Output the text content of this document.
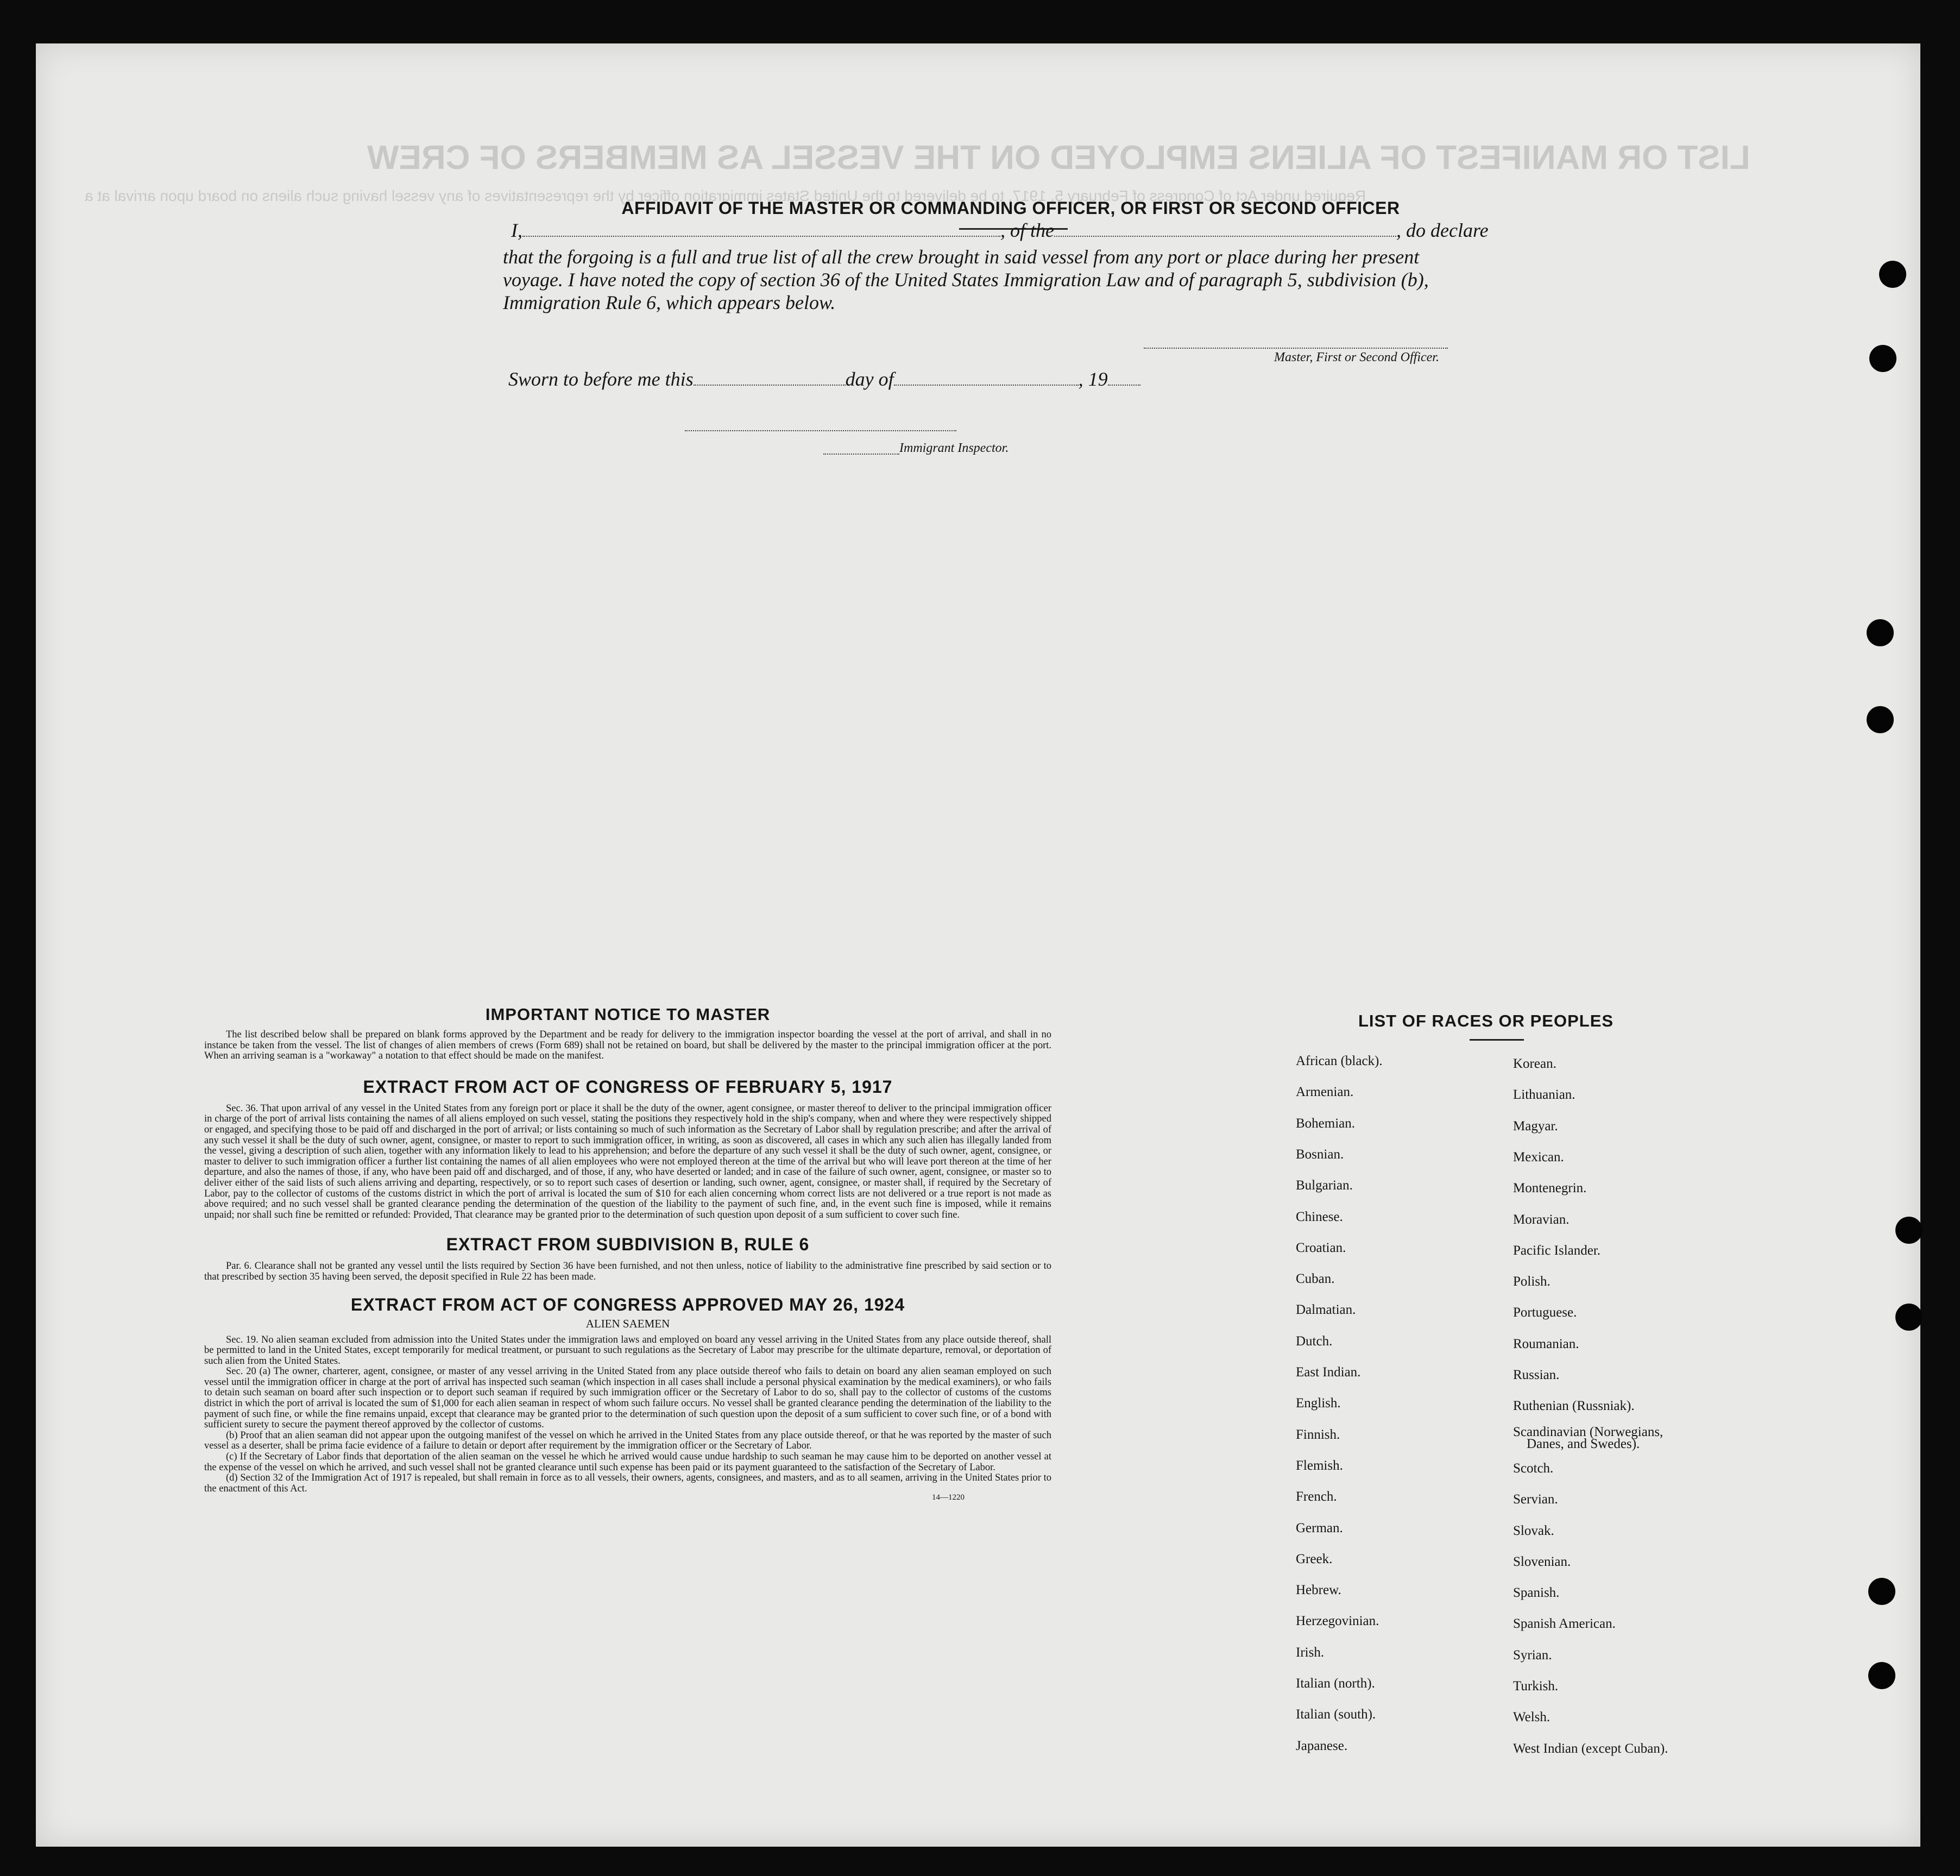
LIST OR MANIFEST OF ALIENS EMPLOYED ON THE VESSEL AS MEMBERS OF CREW
Required under Act of Congress of February 5, 1917, to be delivered to the United States immigration officer by the representatives of any vessel having such aliens on board upon arrival at a
AFFIDAVIT OF THE MASTER OR COMMANDING OFFICER, OR FIRST OR SECOND OFFICER
I,	, of the	, do declare
that the forgoing is a full and true list of all the crew brought in said vessel from any port or place during her present
voyage. I have noted the copy of section 36 of the United States Immigration Law and of paragraph 5, subdivision (b),
Immigration Rule 6, which appears below.
Master, First or Second Officer.
Sworn to before me this	day of	, 19
Immigrant Inspector.
IMPORTANT NOTICE TO MASTER
The list described below shall be prepared on blank forms approved by the Department and be ready for delivery to the immigration inspector boarding the vessel at the port of arrival, and shall in no instance be taken from the vessel. The list of changes of alien members of crews (Form 689) shall not be retained on board, but shall be delivered by the master to the principal immigration officer at the port. When an arriving seaman is a "workaway" a notation to that effect should be made on the manifest.
EXTRACT FROM ACT OF CONGRESS OF FEBRUARY 5, 1917
Sec. 36. That upon arrival of any vessel in the United States from any foreign port or place it shall be the duty of the owner, agent consignee, or master thereof to deliver to the principal immigration officer in charge of the port of arrival lists containing the names of all aliens employed on such vessel, stating the positions they respectively hold in the ship's company, when and where they were respectively shipped or engaged, and specifying those to be paid off and discharged in the port of arrival; or lists containing so much of such information as the Secretary of Labor shall by regulation prescribe; and after the arrival of any such vessel it shall be the duty of such owner, agent, consignee, or master to report to such immigration officer, in writing, as soon as discovered, all cases in which any such alien has illegally landed from the vessel, giving a description of such alien, together with any information likely to lead to his apprehension; and before the departure of any such vessel it shall be the duty of such owner, agent, consignee, or master to deliver to such immigration officer a further list containing the names of all alien employees who were not employed thereon at the time of the arrival but who will leave port thereon at the time of her departure, and also the names of those, if any, who have been paid off and discharged, and of those, if any, who have deserted or landed; and in case of the failure of such owner, agent, consignee, or master so to deliver either of the said lists of such aliens arriving and departing, respectively, or so to report such cases of desertion or landing, such owner, agent, consignee, or master shall, if required by the Secretary of Labor, pay to the collector of customs of the customs district in which the port of arrival is located the sum of $10 for each alien concerning whom correct lists are not delivered or a true report is not made as above required; and no such vessel shall be granted clearance pending the determination of the question of the liability to the payment of such fine, and, in the event such fine is imposed, while it remains unpaid; nor shall such fine be remitted or refunded: Provided, That clearance may be granted prior to the determination of such question upon deposit of a sum sufficient to cover such fine.
EXTRACT FROM SUBDIVISION B, RULE 6
Par. 6. Clearance shall not be granted any vessel until the lists required by Section 36 have been furnished, and not then unless, notice of liability to the administrative fine prescribed by said section or to that prescribed by section 35 having been served, the deposit specified in Rule 22 has been made.
EXTRACT FROM ACT OF CONGRESS APPROVED MAY 26, 1924
ALIEN SAEMEN
Sec. 19. No alien seaman excluded from admission into the United States under the immigration laws and employed on board any vessel arriving in the United States from any place outside thereof, shall be permitted to land in the United States, except temporarily for medical treatment, or pursuant to such regulations as the Secretary of Labor may prescribe for the ultimate departure, removal, or deportation of such alien from the United States.
Sec. 20 (a) The owner, charterer, agent, consignee, or master of any vessel arriving in the United Stated from any place outside thereof who fails to detain on board any alien seaman employed on such vessel until the immigration officer in charge at the port of arrival has inspected such seaman (which inspection in all cases shall include a personal physical examination by the medical examiners), or who fails to detain such seaman on board after such inspection or to deport such seaman if required by such immigration officer or the Secretary of Labor to do so, shall pay to the collector of customs of the customs district in which the port of arrival is located the sum of $1,000 for each alien seaman in respect of whom such failure occurs. No vessel shall be granted clearance pending the determination of the liability to the payment of such fine, or while the fine remains unpaid, except that clearance may be granted prior to the determination of such question upon the deposit of a sum sufficient to cover such fine, or of a bond with sufficient surety to secure the payment thereof approved by the collector of customs.
(b) Proof that an alien seaman did not appear upon the outgoing manifest of the vessel on which he arrived in the United States from any place outside thereof, or that he was reported by the master of such vessel as a deserter, shall be prima facie evidence of a failure to detain or deport after requirement by the immigration officer or the Secretary of Labor.
(c) If the Secretary of Labor finds that deportation of the alien seaman on the vessel he which he arrived would cause undue hardship to such seaman he may cause him to be deported on another vessel at the expense of the vessel on which he arrived, and such vessel shall not be granted clearance until such expense has been paid or its payment guaranteed to the satisfaction of the Secretary of Labor.
(d) Section 32 of the Immigration Act of 1917 is repealed, but shall remain in force as to all vessels, their owners, agents, consignees, and masters, and as to all seamen, arriving in the United States prior to the enactment of this Act.
14—1220
LIST OF RACES OR PEOPLES
African (black).
Armenian.
Bohemian.
Bosnian.
Bulgarian.
Chinese.
Croatian.
Cuban.
Dalmatian.
Dutch.
East Indian.
English.
Finnish.
Flemish.
French.
German.
Greek.
Hebrew.
Herzegovinian.
Irish.
Italian (north).
Italian (south).
Japanese.
Korean.
Lithuanian.
Magyar.
Mexican.
Montenegrin.
Moravian.
Pacific Islander.
Polish.
Portuguese.
Roumanian.
Russian.
Ruthenian (Russniak).
Scandinavian (Norwegians,
Scotch.
Servian.
Slovak.
Slovenian.
Spanish.
Spanish American.
Syrian.
Turkish.
Welsh.
West Indian (except Cuban).
Danes, and Swedes).
